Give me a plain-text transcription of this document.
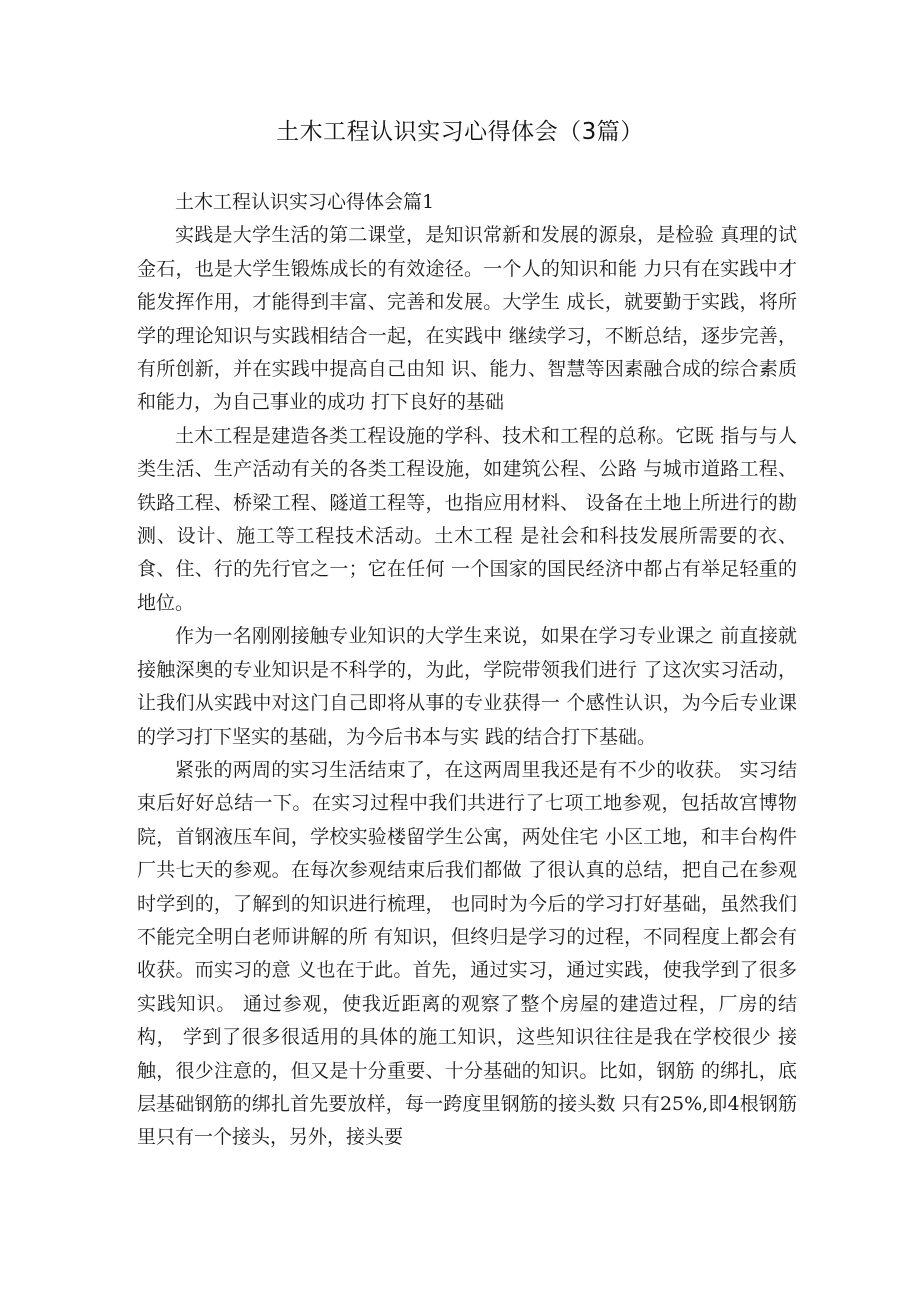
土木工程认识实习心得体会（3篇）

土木工程认识实习心得体会篇1

实践是大学生活的第二课堂，是知识常新和发展的源泉，是检验 真理的试金石，也是大学生锻炼成长的有效途径。一个人的知识和能 力只有在实践中才能发挥作用，才能得到丰富、完善和发展。大学生 成长，就要勤于实践，将所学的理论知识与实践相结合一起，在实践中 继续学习，不断总结，逐步完善，有所创新，并在实践中提高自己由知 识、能力、智慧等因素融合成的综合素质和能力，为自己事业的成功 打下良好的基础

土木工程是建造各类工程设施的学科、技术和工程的总称。它既 指与与人类生活、生产活动有关的各类工程设施，如建筑公程、公路 与城市道路工程、铁路工程、桥梁工程、隧道工程等，也指应用材料、 设备在土地上所进行的勘测、设计、施工等工程技术活动。土木工程 是社会和科技发展所需要的衣、食、住、行的先行官之一；它在任何 一个国家的国民经济中都占有举足轻重的地位。

作为一名刚刚接触专业知识的大学生来说，如果在学习专业课之 前直接就接触深奥的专业知识是不科学的，为此，学院带领我们进行 了这次实习活动，让我们从实践中对这门自己即将从事的专业获得一 个感性认识，为今后专业课的学习打下坚实的基础，为今后书本与实 践的结合打下基础。

紧张的两周的实习生活结束了，在这两周里我还是有不少的收获。 实习结束后好好总结一下。在实习过程中我们共进行了七项工地参观，包括故宫博物院，首钢液压车间，学校实验楼留学生公寓，两处住宅 小区工地，和丰台构件厂共七天的参观。在每次参观结束后我们都做 了很认真的总结，把自己在参观时学到的，了解到的知识进行梳理， 也同时为今后的学习打好基础，虽然我们不能完全明白老师讲解的所 有知识，但终归是学习的过程，不同程度上都会有收获。而实习的意 义也在于此。首先，通过实习，通过实践，使我学到了很多实践知识。 通过参观，使我近距离的观察了整个房屋的建造过程，厂房的结构， 学到了很多很适用的具体的施工知识，这些知识往往是我在学校很少 接触，很少注意的，但又是十分重要、十分基础的知识。比如，钢筋 的绑扎，底层基础钢筋的绑扎首先要放样，每一跨度里钢筋的接头数 只有25%,即4根钢筋里只有一个接头，另外，接头要
